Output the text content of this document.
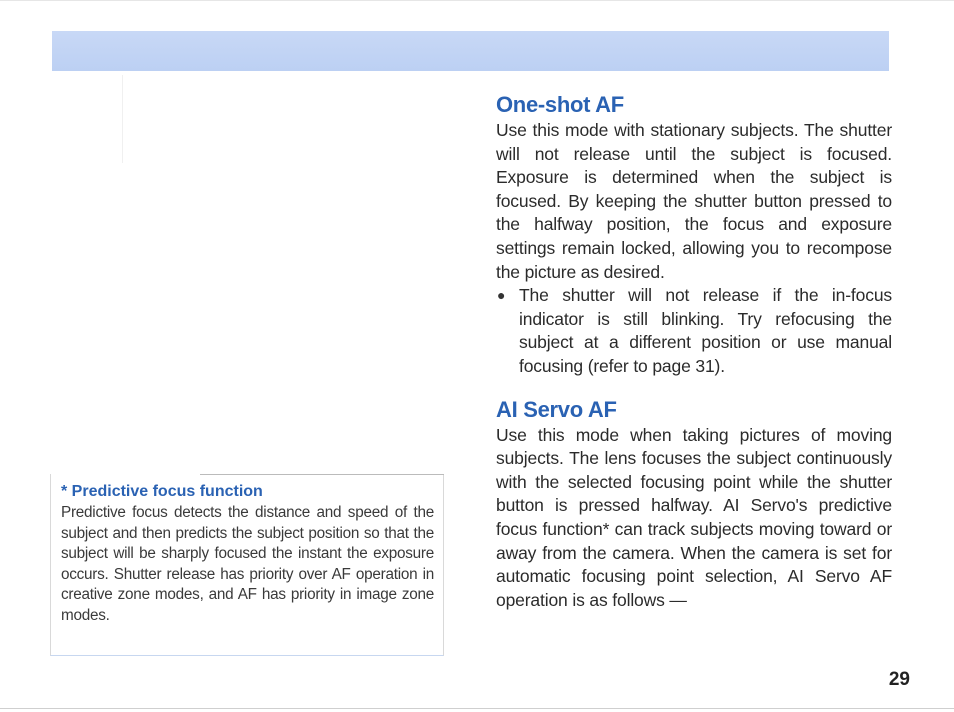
One-shot AF

Use this mode with stationary subjects. The shutter will not release until the subject is focused. Exposure is determined when the subject is focused. By keeping the shutter button pressed to the halfway position, the focus and exposure settings remain locked, allowing you to recompose the picture as desired.

● The shutter will not release if the in-focus indicator is still blinking. Try refocusing the subject at a different position or use manual focusing (refer to page 31).
AI Servo AF

Use this mode when taking pictures of moving subjects. The lens focuses the subject continuously with the selected focusing point while the shutter button is pressed halfway. AI Servo's predictive focus function* can track subjects moving toward or away from the camera. When the camera is set for automatic focusing point selection, AI Servo AF operation is as follows —

* Predictive focus function

Predictive focus detects the distance and speed of the subject and then predicts the subject position so that the subject will be sharply focused the instant the exposure occurs. Shutter release has priority over AF operation in creative zone modes, and AF has priority in image zone modes.

29
